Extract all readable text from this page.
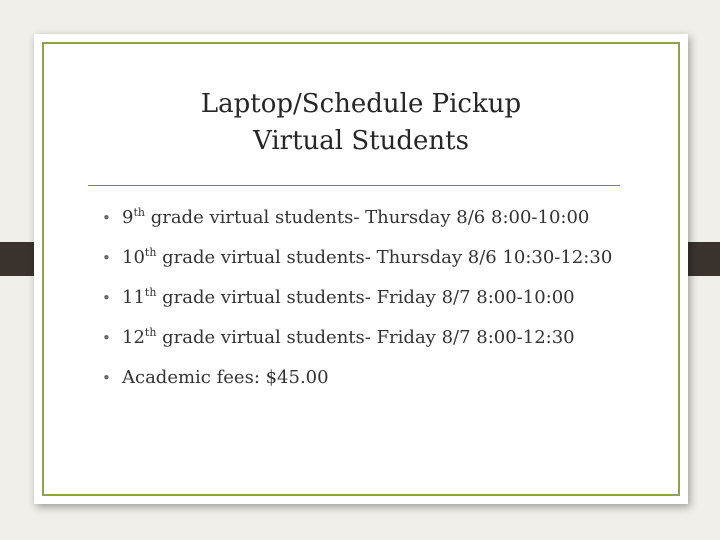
Laptop/Schedule Pickup
Virtual Students
• 9th grade virtual students- Thursday 8/6 8:00-10:00
• 10th grade virtual students- Thursday 8/6 10:30-12:30
• 11th grade virtual students- Friday 8/7 8:00-10:00
• 12th grade virtual students- Friday 8/7 8:00-12:30
• Academic fees: $45.00
